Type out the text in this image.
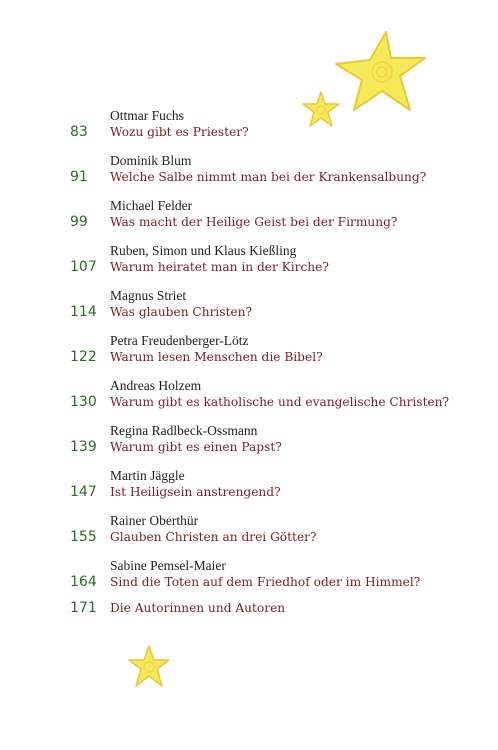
Ottmar Fuchs
83	Wozu gibt es Priester?
Dominik Blum
91	Welche Salbe nimmt man bei der Krankensalbung?
Michael Felder
99	Was macht der Heilige Geist bei der Firmung?
Ruben, Simon und Klaus Kießling
107	Warum heiratet man in der Kirche?
Magnus Striet
114	Was glauben Christen?
Petra Freudenberger-Lötz
122	Warum lesen Menschen die Bibel?
Andreas Holzem
130	Warum gibt es katholische und evangelische Christen?
Regina Radlbeck-Ossmann
139	Warum gibt es einen Papst?
Martin Jäggle
147	Ist Heiligsein anstrengend?
Rainer Oberthür
155	Glauben Christen an drei Götter?
Sabine Pemsel-Maier
164	Sind die Toten auf dem Friedhof oder im Himmel?
171	Die Autorinnen und Autoren
